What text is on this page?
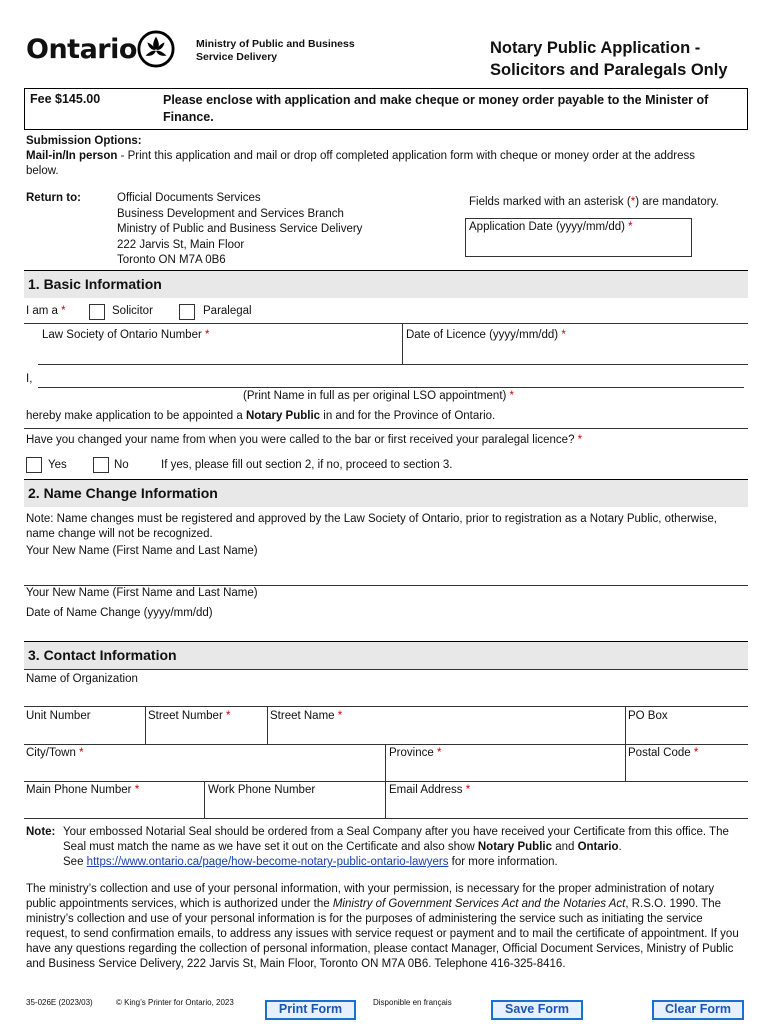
Ontario	Ministry of Public and Business Service Delivery	Notary Public Application -
Solicitors and Paralegals Only
Fee $145.00	Please enclose with application and make cheque or money order payable to the Minister of Finance.
Submission Options:
Mail-in/In person - Print this application and mail or drop off completed application form with cheque or money order at the address below.
Return to:	Official Documents Services
Business Development and Services Branch
Ministry of Public and Business Service Delivery
222 Jarvis St, Main Floor
Toronto ON M7A 0B6
Fields marked with an asterisk (*) are mandatory.
Application Date (yyyy/mm/dd) *
1. Basic Information
I am a *	Solicitor	Paralegal
Law Society of Ontario Number *	Date of Licence (yyyy/mm/dd) *
I,
(Print Name in full as per original LSO appointment) *
hereby make application to be appointed a Notary Public in and for the Province of Ontario.
Have you changed your name from when you were called to the bar or first received your paralegal licence? *
Yes	No	If yes, please fill out section 2, if no, proceed to section 3.
2. Name Change Information
Note: Name changes must be registered and approved by the Law Society of Ontario, prior to registration as a Notary Public, otherwise, name change will not be recognized.
Your New Name (First Name and Last Name)
Your New Name (First Name and Last Name)
Date of Name Change (yyyy/mm/dd)
3. Contact Information
Name of Organization
Unit Number	Street Number *	Street Name *	PO Box
City/Town *	Province *	Postal Code *
Main Phone Number *	Work Phone Number	Email Address *
Note: Your embossed Notarial Seal should be ordered from a Seal Company after you have received your Certificate from this office. The Seal must match the name as we have set it out on the Certificate and also show Notary Public and Ontario.
See https://www.ontario.ca/page/how-become-notary-public-ontario-lawyers for more information.
The ministry’s collection and use of your personal information, with your permission, is necessary for the proper administration of notary public appointments services, which is authorized under the Ministry of Government Services Act and the Notaries Act, R.S.O. 1990. The ministry’s collection and use of your personal information is for the purposes of administering the service such as initiating the service request, to send confirmation emails, to address any issues with service request or payment and to mail the certificate of appointment. If you have any questions regarding the collection of personal information, please contact Manager, Official Document Services, Ministry of Public and Business Service Delivery, 222 Jarvis St, Main Floor, Toronto ON M7A 0B6. Telephone 416-325-8416.
35-026E (2023/03)	© King’s Printer for Ontario, 2023	Print Form	Disponible en français	Save Form	Clear Form
